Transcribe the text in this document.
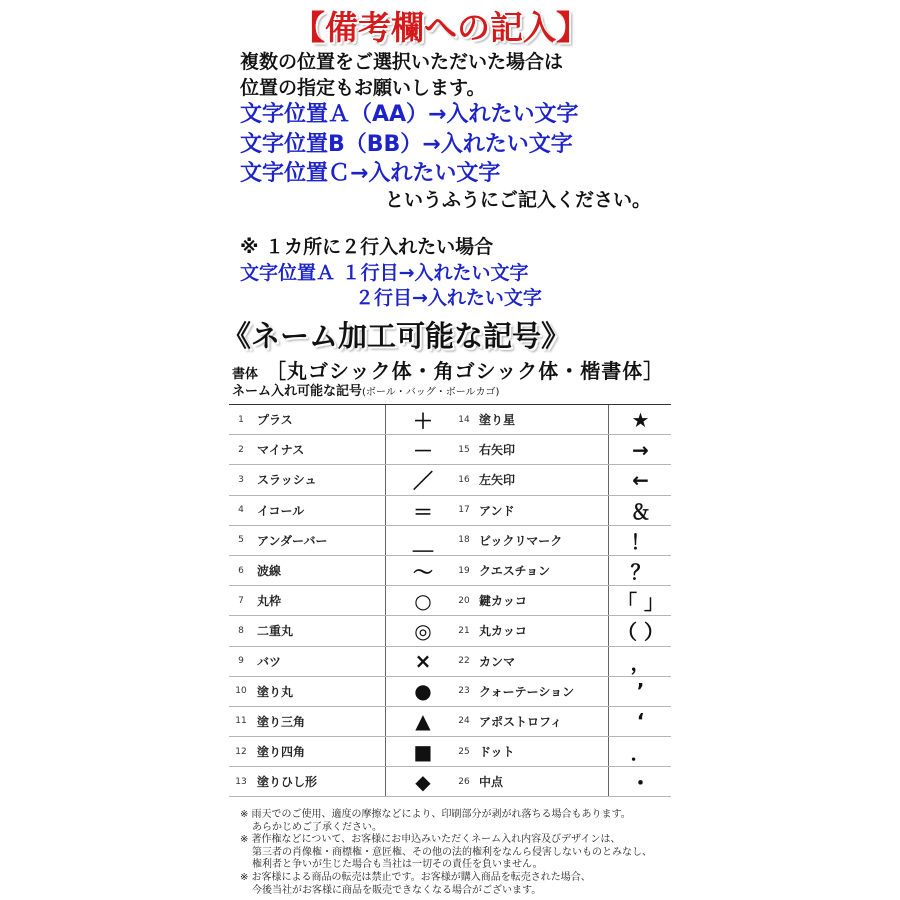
【備考欄への記入】
複数の位置をご選択いただいた場合は
位置の指定もお願いします。
文字位置Ａ（AA）→入れたい文字
文字位置B（BB）→入れたい文字
文字位置Ｃ→入れたい文字
というふうにご記入ください。
※ １カ所に２行入れたい場合
文字位置Ａ １行目→入れたい文字
２行目→入れたい文字
《ネーム加工可能な記号》
書体 ［丸ゴシック体・角ゴシック体・楷書体］
ネーム入れ可能な記号(ボール・バッグ・ボールカゴ)
1	プラス	＋
2	マイナス	－
3	スラッシュ	／
4	イコール	＝
5	アンダーバー	＿
6	波線	～
7	丸枠	○
8	二重丸	◎
9	バツ	×
10 塗り丸	●
11 塗り三角	▲
12 塗り四角	■
13 塗りひし形	◆
14 塗り星	★
15 右矢印	→
16 左矢印	←
17 アンド	＆
18 ビックリマーク	！
19 クエスチョン	？
20 鍵カッコ	「 」
21 丸カッコ	（ ）
22 カンマ	，
23 クォーテーション	’
24 アポストロフィ	‘
25 ドット	．
26 中点	・
※ 雨天でのご使用、適度の摩擦などにより、印刷部分が剥がれ落ちる場合もあります。
あらかじめご了承ください。
※ 著作権などについて、お客様にお申込みいただくネーム入れ内容及びデザインは、
第三者の肖像権・商標権・意匠権、その他の法的権利をなんら侵害しないものとみなし、
権利者と争いが生じた場合も当社は一切その責任を負いません。
※ お客様による商品の転売は禁止です。お客様が購入商品を転売された場合、
今後当社がお客様に商品を販売できなくなる場合がございます。
